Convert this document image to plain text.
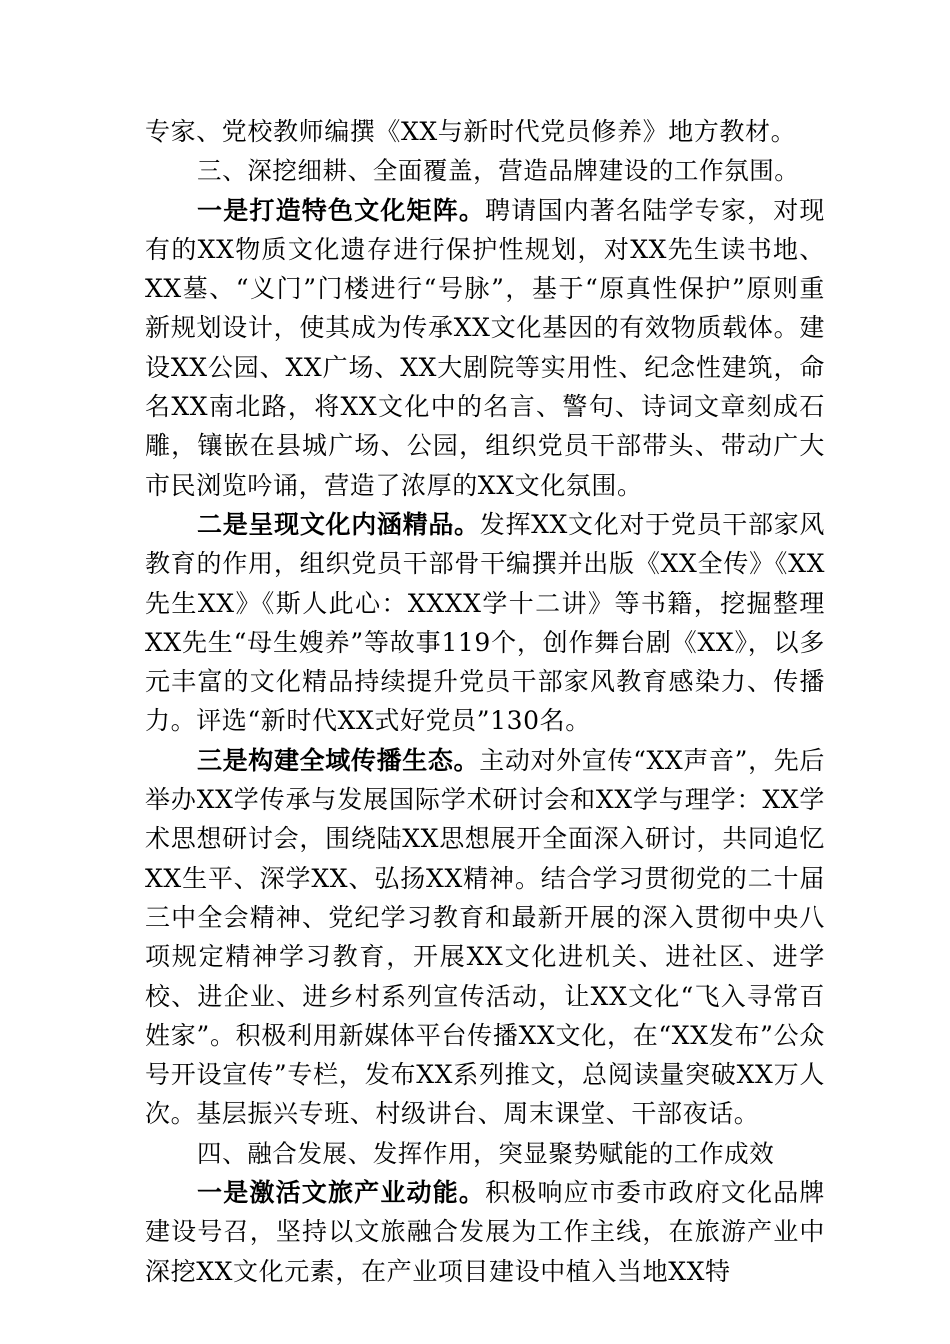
专家、党校教师编撰《XX与新时代党员修养》地方教材。

三、深挖细耕、全面覆盖，营造品牌建设的工作氛围。

一是打造特色文化矩阵。聘请国内著名陆学专家，对现有的XX物质文化遗存进行保护性规划，对XX先生读书地、XX墓、“义门”门楼进行“号脉”，基于“原真性保护”原则重新规划设计，使其成为传承XX文化基因的有效物质载体。建设XX公园、XX广场、XX大剧院等实用性、纪念性建筑，命名XX南北路，将XX文化中的名言、警句、诗词文章刻成石雕，镶嵌在县城广场、公园，组织党员干部带头、带动广大市民浏览吟诵，营造了浓厚的XX文化氛围。

二是呈现文化内涵精品。发挥XX文化对于党员干部家风教育的作用，组织党员干部骨干编撰并出版《XX全传》《XX先生XX》《斯人此心：XXXX学十二讲》等书籍，挖掘整理XX先生“母生嫂养”等故事119个，创作舞台剧《XX》，以多元丰富的文化精品持续提升党员干部家风教育感染力、传播力。评选“新时代XX式好党员”130名。

三是构建全域传播生态。主动对外宣传“XX声音”，先后举办XX学传承与发展国际学术研讨会和XX学与理学：XX学术思想研讨会，围绕陆XX思想展开全面深入研讨，共同追忆XX生平、深学XX、弘扬XX精神。结合学习贯彻党的二十届三中全会精神、党纪学习教育和最新开展的深入贯彻中央八项规定精神学习教育，开展XX文化进机关、进社区、进学校、进企业、进乡村系列宣传活动，让XX文化“飞入寻常百姓家”。积极利用新媒体平台传播XX文化，在“XX发布”公众号开设宣传”专栏，发布XX系列推文，总阅读量突破XX万人次。基层振兴专班、村级讲台、周末课堂、干部夜话。

四、融合发展、发挥作用，突显聚势赋能的工作成效

一是激活文旅产业动能。积极响应市委市政府文化品牌建设号召，坚持以文旅融合发展为工作主线，在旅游产业中深挖XX文化元素，在产业项目建设中植入当地XX特
